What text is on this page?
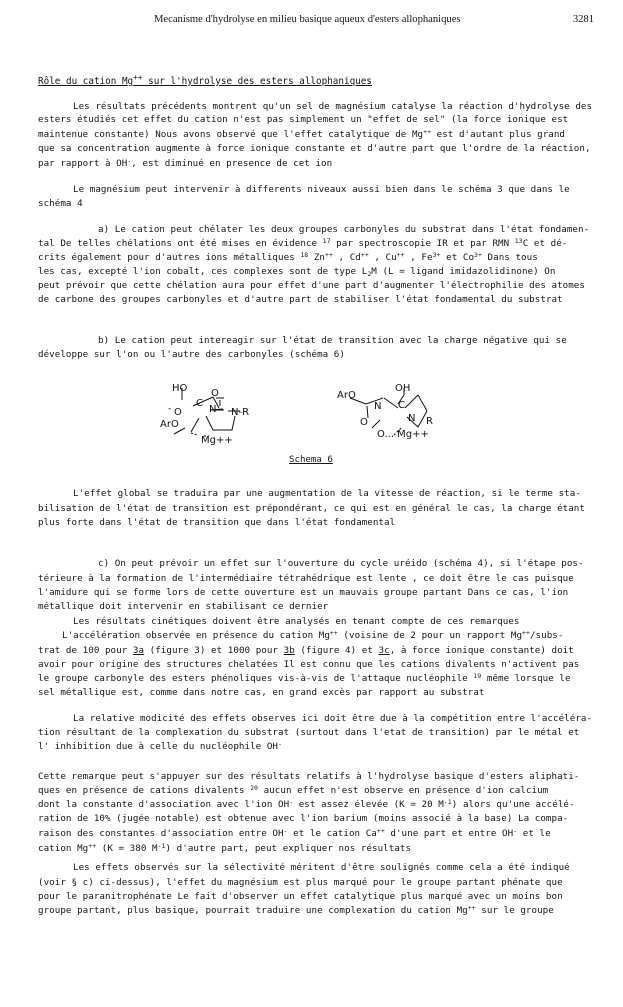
Mecanisme d'hydrolyse en milieu basique aqueux d'esters allophaniques	3281
Rôle du cation Mg++ sur l'hydrolyse des esters allophaniques
Les résultats précédents montrent qu'un sel de magnésium catalyse la réaction d'hydrolyse des
esters étudiés cet effet du cation n'est pas simplement un "effet de sel" (la force ionique est
maintenue constante) Nous avons observé que l'effet catalytique de Mg++ est d'autant plus grand
que sa concentration augmente à force ionique constante et d'autre part que l'ordre de la réaction,
par rapport à OH-, est diminué en presence de cet ion
Le magnésium peut intervenir à differents niveaux aussi bien dans le schéma 3 que dans le
schéma 4
a) Le cation peut chélater les deux groupes carbonyles du substrat dans l'état fondamen-
tal De telles chélations ont été mises en évidence $^{17}$ par spectroscopie IR et par RMN $^{13}$C et dé-
crits également pour d'autres ions métalliques $^{18}$ Zn++ , Cd++ , Cu++ , $Fe^{3+}$ et $Co^{3+}$ Dans tous
les cas, excepté l'ion cobalt, ces complexes sont de type $L_2M$ (L = ligand imidazolidinone) On
peut prévoir que cette chélation aura pour effet d'une part d'augmenter l'électrophilie des atomes
de carbone des groupes carbonyles et d'autre part de stabiliser l'état fondamental du substrat
b) Le cation peut intereagir sur l'état de transition avec la charge négative qui se
développe sur l'on ou l'autre des carbonyles (schéma 6)
L'effet global se traduira par une augmentation de la vitesse de réaction, si le terme sta-
bilisation de l'état de transition est prépondérant, ce qui est en général le cas, la charge étant
plus forte dans l'état de transition que dans l'état fondamental
c) On peut prévoir un effet sur l'ouverture du cycle uréido (schéma 4), si l'étape pos-
térieure à la formation de l'intermédiaire tétrahédrique est lente , ce doit être le cas puisque
l'amidure qui se forme lors de cette ouverture est un mauvais groupe partant Dans ce cas, l'ion
métallique doit intervenir en stabilisant ce dernier
Les résultats cinétiques doivent être analysés en tenant compte de ces remarques
L'accélération observée en présence du cation Mg++ (voisine de 2 pour un rapport Mg++/subs-
trat de 100 pour 3a (figure 3) et 1000 pour 3b (figure 4) et 3c, à force ionique constante) doit
avoir pour origine des structures chelatées Il est connu que les cations divalents n'activent pas
le groupe carbonyle des esters phénoliques vis-à-vis de l'attaque nucléophile $^{19}$ même lorsque le
sel métallique est, comme dans notre cas, en grand excès par rapport au substrat
La relative modicité des effets observes ici doit être due à la compétition entre l'accéléra-
tion résultant de la complexation du substrat (surtout dans l'etat de transition) par le métal et
l' inhibition due à celle du nucléophile OH-
Cette remarque peut s'appuyer sur des résultats relatifs à l'hydrolyse basique d'esters aliphati-
ques en présence de cations divalents $^{20}$ aucun effet n'est observe en présence d'ion calcium
dont la constante d'association avec l'ion OH- est assez élevée (K = 20 $M^{-1}$) alors qu'une accélé-
ration de 10% (jugée notable) est obtenue avec l'ion barium (moins associé à la base) La compa-
raison des constantes d'association entre OH- et le cation Ca++ d'une part et entre OH- et le
cation Mg++ (K = 380 $M^{-1}$) d'autre part, peut expliquer nos résultats
Les effets observés sur la sélectivité méritent d'être soulignés comme cela a été indiqué
(voir § c) ci-dessus), l'effet du magnésium est plus marqué pour le groupe partant phénate que
pour le paranitrophénate Le fait d'observer un effet catalytique plus marqué avec un moins bon
groupe partant, plus basique, pourrait traduire une complexation du cation Mg++ sur le groupe
HO O
C
O
-
ArO
N N-R
Mg++
ArO
OH
N C
O	N R
O... Mg++
Schema 6
